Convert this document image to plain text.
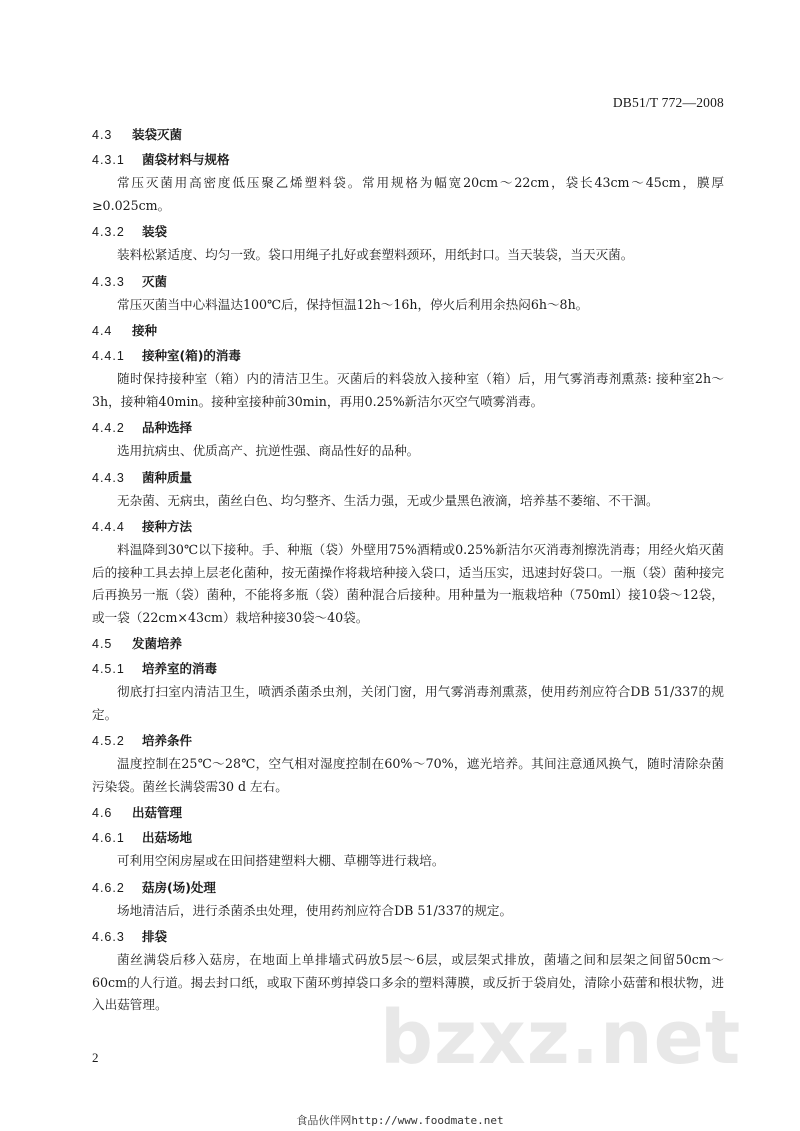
DB51/T 772—2008
4.3	装袋灭菌
4.3.1	菌袋材料与规格
常压灭菌用高密度低压聚乙烯塑料袋。常用规格为幅宽20cm～22cm，袋长43cm～45cm，膜厚≥0.025cm。
4.3.2	装袋
装料松紧适度、均匀一致。袋口用绳子扎好或套塑料颈环，用纸封口。当天装袋，当天灭菌。
4.3.3	灭菌
常压灭菌当中心料温达100℃后，保持恒温12h～16h，停火后利用余热闷6h～8h。
4.4	接种
4.4.1	接种室(箱)的消毒
随时保持接种室（箱）内的清洁卫生。灭菌后的料袋放入接种室（箱）后，用气雾消毒剂熏蒸: 接种室2h～3h，接种箱40min。接种室接种前30min，再用0.25%新洁尔灭空气喷雾消毒。
4.4.2	品种选择
选用抗病虫、优质高产、抗逆性强、商品性好的品种。
4.4.3	菌种质量
无杂菌、无病虫，菌丝白色、均匀整齐、生活力强，无或少量黑色液滴，培养基不萎缩、不干涸。
4.4.4	接种方法
料温降到30℃以下接种。手、种瓶（袋）外壁用75%酒精或0.25%新洁尔灭消毒剂擦洗消毒；用经火焰灭菌后的接种工具去掉上层老化菌种，按无菌操作将栽培种接入袋口，适当压实，迅速封好袋口。一瓶（袋）菌种接完后再换另一瓶（袋）菌种，不能将多瓶（袋）菌种混合后接种。用种量为一瓶栽培种（750ml）接10袋～12袋，或一袋（22cm×43cm）栽培种接30袋～40袋。
4.5	发菌培养
4.5.1	培养室的消毒
彻底打扫室内清洁卫生，喷洒杀菌杀虫剂，关闭门窗，用气雾消毒剂熏蒸，使用药剂应符合DB 51/337的规定。
4.5.2	培养条件
温度控制在25℃～28℃，空气相对湿度控制在60%～70%，遮光培养。其间注意通风换气，随时清除杂菌污染袋。菌丝长满袋需30 d 左右。
4.6	出菇管理
4.6.1	出菇场地
可利用空闲房屋或在田间搭建塑料大棚、草棚等进行栽培。
4.6.2	菇房(场)处理
场地清洁后，进行杀菌杀虫处理，使用药剂应符合DB 51/337的规定。
4.6.3	排袋
菌丝满袋后移入菇房，在地面上单排墙式码放5层～6层，或层架式排放，菌墙之间和层架之间留50cm～60cm的人行道。揭去封口纸，或取下菌环剪掉袋口多余的塑料薄膜，或反折于袋肩处，清除小菇蕾和根状物，进入出菇管理。	bzxz.net
2
食品伙伴网http://www.foodmate.net
